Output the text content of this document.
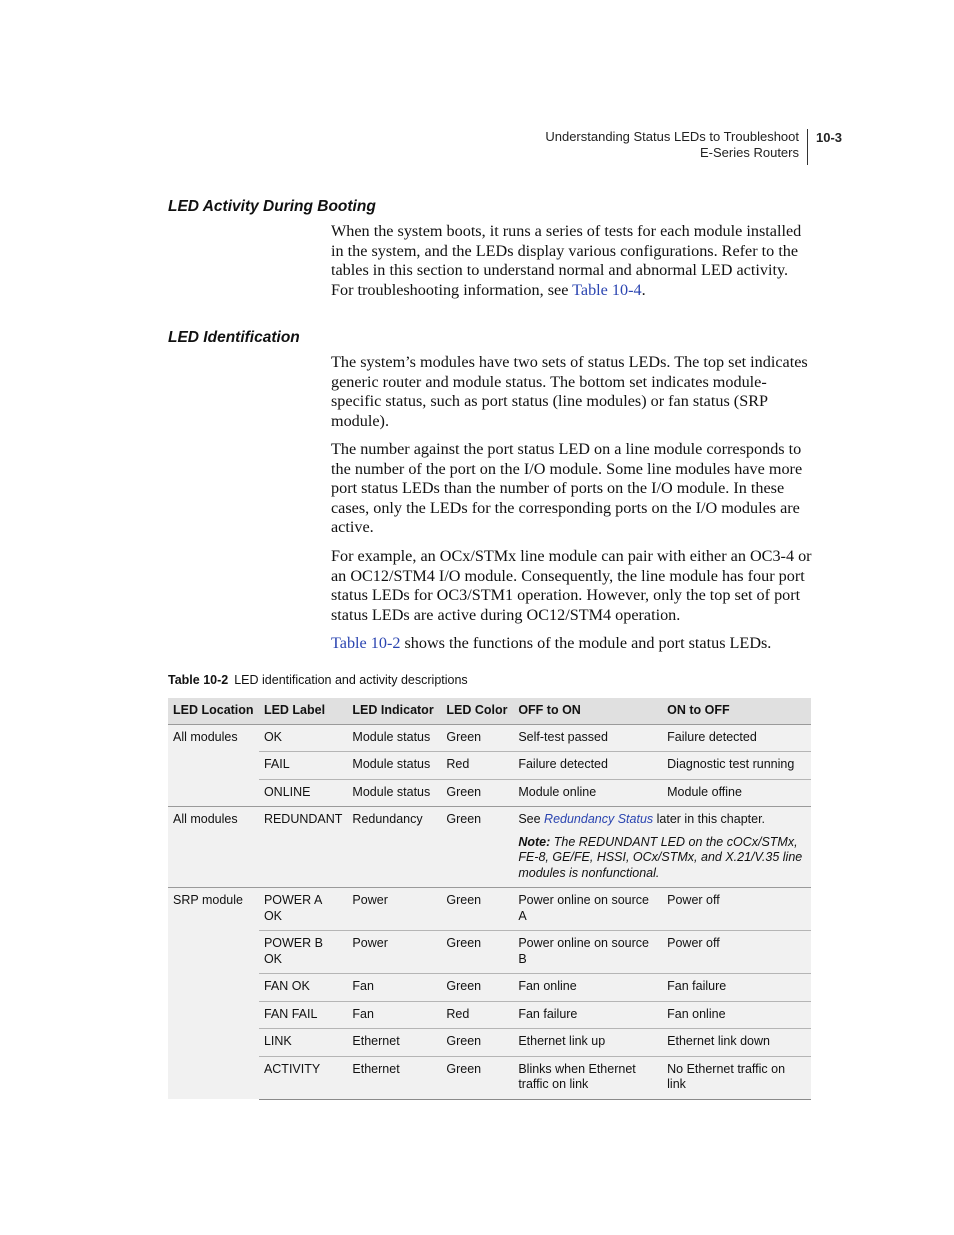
Understanding Status LEDs to Troubleshoot
E-Series Routers
10-3
LED Activity During Booting

When the system boots, it runs a series of tests for each module installed in the system, and the LEDs display various configurations. Refer to the tables in this section to understand normal and abnormal LED activity. For troubleshooting information, see Table 10-4.

LED Identification

The system’s modules have two sets of status LEDs. The top set indicates generic router and module status. The bottom set indicates module-specific status, such as port status (line modules) or fan status (SRP module).

The number against the port status LED on a line module corresponds to the number of the port on the I/O module. Some line modules have more port status LEDs than the number of ports on the I/O module. In these cases, only the LEDs for the corresponding ports on the I/O modules are active.

For example, an OCx/STMx line module can pair with either an OC3-4 or an OC12/STM4 I/O module. Consequently, the line module has four port status LEDs for OC3/STM1 operation. However, only the top set of port status LEDs are active during OC12/STM4 operation.

Table 10-2 shows the functions of the module and port status LEDs.

Table 10-2 LED identification and activity descriptions
LED Location	LED Label	LED Indicator	LED Color	OFF to ON	ON to OFF
All modules	OK	Module status	Green	Self-test passed	Failure detected
	FAIL	Module status	Red	Failure detected	Diagnostic test running
	ONLINE	Module status	Green	Module online	Module offine
All modules	REDUNDANT	Redundancy	Green	See Redundancy Status later in this chapter.
Note: The REDUNDANT LED on the cOCx/STMx, FE-8, GE/FE, HSSI, OCx/STMx, and X.21/V.35 line modules is nonfunctional.	

SRP module	POWER A OK	Power	Green	Power online on source A	Power off
	POWER B OK	Power	Green	Power online on source B	Power off
	FAN OK	Fan	Green	Fan online	Fan failure
	FAN FAIL	Fan	Red	Fan failure	Fan online
	LINK	Ethernet	Green	Ethernet link up	Ethernet link down
	ACTIVITY	Ethernet	Green	Blinks when Ethernet traffic on link	No Ethernet traffic on link
